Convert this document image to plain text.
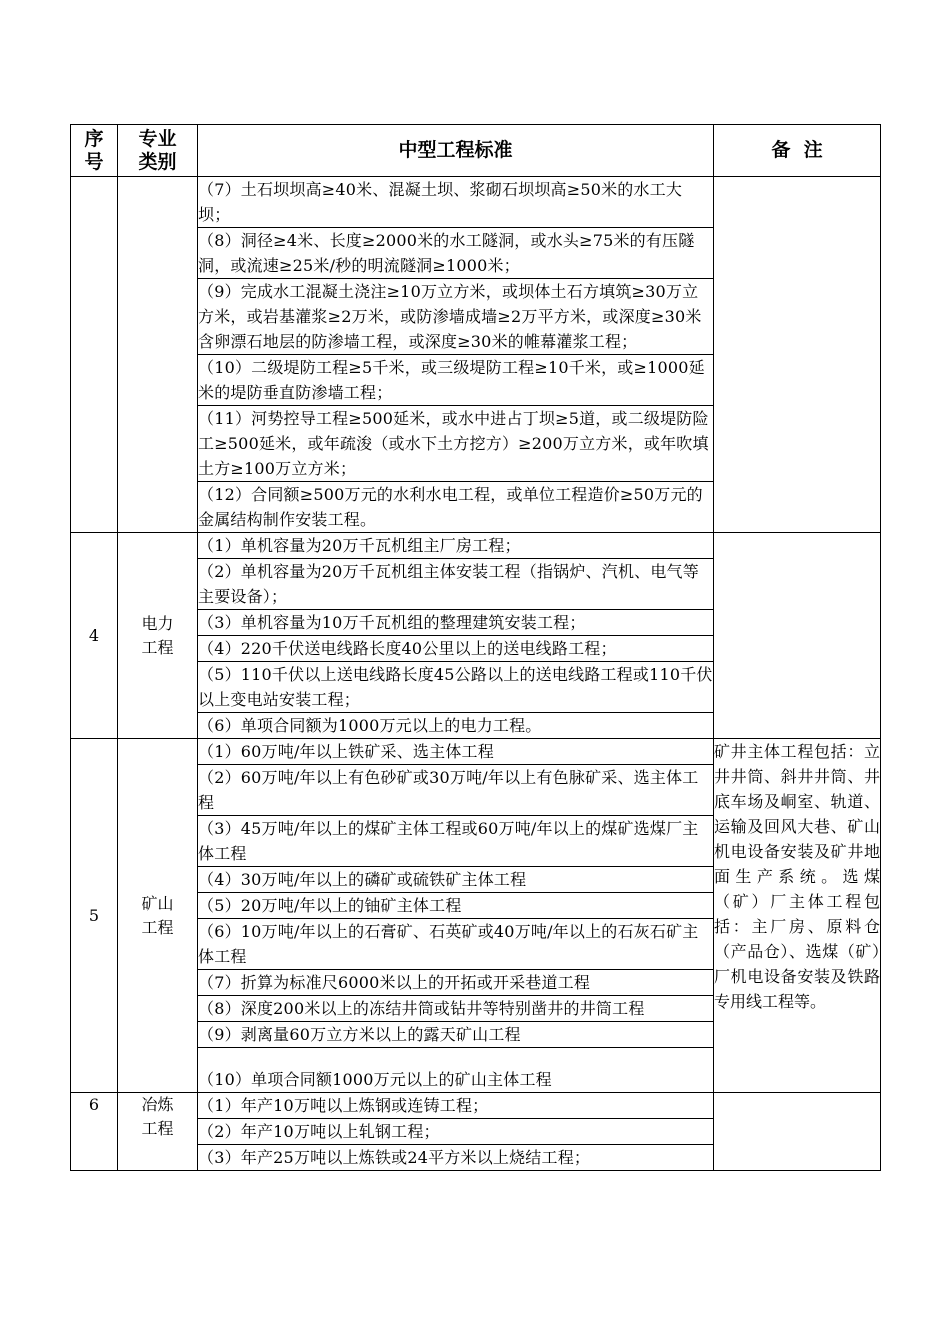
序号	专业类别	中型工程标准	备  注
		（7）土石坝坝高≥40米、混凝土坝、浆砌石坝坝高≥50米的水工大坝；	
		（8）洞径≥4米、长度≥2000米的水工隧洞，或水头≥75米的有压隧洞，或流速≥25米/秒的明流隧洞≥1000米；	
		（9）完成水工混凝土浇注≥10万立方米，或坝体土石方填筑≥30万立方米，或岩基灌浆≥2万米，或防渗墙成墙≥2万平方米，或深度≥30米含卵漂石地层的防渗墙工程，或深度≥30米的帷幕灌浆工程；	
		（10）二级堤防工程≥5千米，或三级堤防工程≥10千米，或≥1000延米的堤防垂直防渗墙工程；	
		（11）河势控导工程≥500延米，或水中进占丁坝≥5道，或二级堤防险工≥500延米，或年疏浚（或水下土方挖方）≥200万立方米，或年吹填土方≥100万立方米；	
		（12）合同额≥500万元的水利水电工程，或单位工程造价≥50万元的金属结构制作安装工程。	
4	电力工程	（1）单机容量为20万千瓦机组主厂房工程；	
		（2）单机容量为20万千瓦机组主体安装工程（指锅炉、汽机、电气等主要设备）；	
		（3）单机容量为10万千瓦机组的整理建筑安装工程；	
		（4）220千伏送电线路长度40公里以上的送电线路工程；	
		（5）110千伏以上送电线路长度45公路以上的送电线路工程或110千伏以上变电站安装工程；	
		（6）单项合同额为1000万元以上的电力工程。	
5	矿山工程	（1）60万吨/年以上铁矿采、选主体工程	矿井主体工程包括：立井井筒、斜井井筒、井底车场及峒室、轨道、运输及回风大巷、矿山机电设备安装及矿井地面生产系统。选煤（矿）厂主体工程包括：主厂房、原料仓（产品仓）、选煤（矿）厂机电设备安装及铁路专用线工程等。
		（2）60万吨/年以上有色砂矿或30万吨/年以上有色脉矿采、选主体工程	
		（3）45万吨/年以上的煤矿主体工程或60万吨/年以上的煤矿选煤厂主体工程	
		（4）30万吨/年以上的磷矿或硫铁矿主体工程	
		（5）20万吨/年以上的铀矿主体工程	
		（6）10万吨/年以上的石膏矿、石英矿或40万吨/年以上的石灰石矿主体工程	
		（7）折算为标准尺6000米以上的开拓或开采巷道工程	
		（8）深度200米以上的冻结井筒或钻井等特别凿井的井筒工程	
		（9）剥离量60万立方米以上的露天矿山工程	
		（10）单项合同额1000万元以上的矿山主体工程	
6	冶炼工程	（1）年产10万吨以上炼钢或连铸工程；	
		（2）年产10万吨以上轧钢工程；	
		（3）年产25万吨以上炼铁或24平方米以上烧结工程；	
